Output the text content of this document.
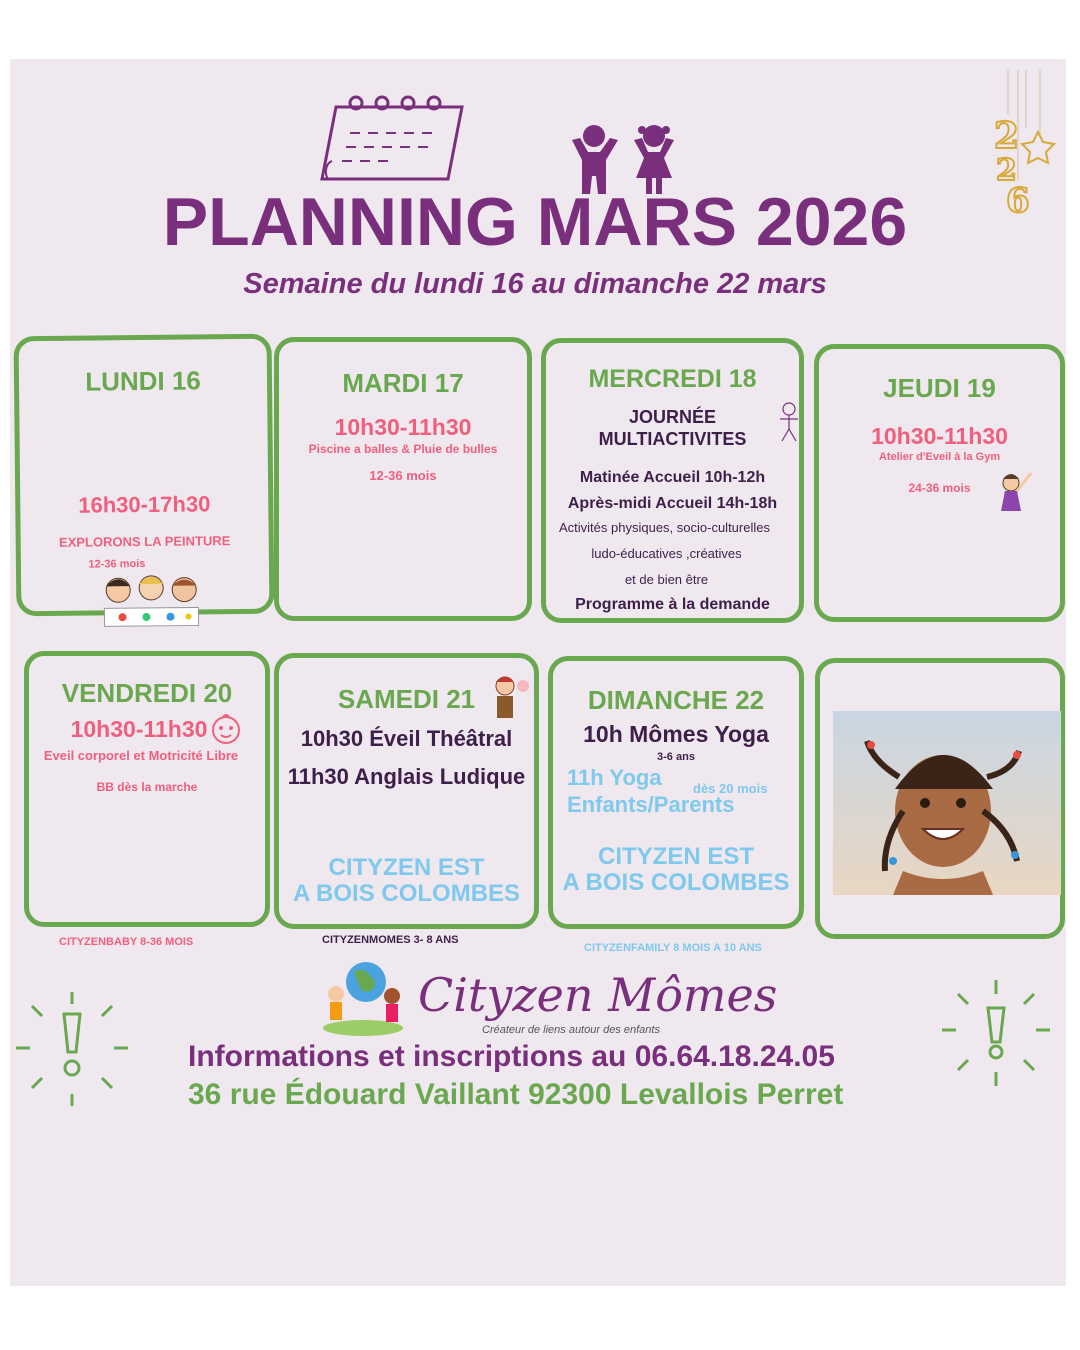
2
2
6
PLANNING MARS 2026
Semaine du lundi 16 au dimanche 22 mars
LUNDI 16
16h30-17h30
EXPLORONS LA PEINTURE
12-36 mois
MARDI 17
10h30-11h30
Piscine a balles & Pluie de bulles
12-36 mois
MERCREDI 18
JOURNÉE
MULTIACTIVITES
Matinée Accueil 10h-12h
Après-midi Accueil 14h-18h
Activités physiques, socio-culturelles
ludo-éducatives ,créatives
et de bien être
Programme à la demande
JEUDI 19
10h30-11h30
Atelier d'Eveil à la Gym
24-36 mois
VENDREDI 20
10h30-11h30
Eveil corporel et Motricité Libre
BB dès la marche
SAMEDI 21
10h30 Éveil Théâtral
11h30 Anglais Ludique
CITYZEN EST
A BOIS COLOMBES
DIMANCHE 22
10h Mômes Yoga
3-6 ans
11h Yoga
Enfants/Parents
dès 20 mois
CITYZEN EST
A BOIS COLOMBES
CITYZENBABY 8-36 MOIS	CITYZENMOMES 3- 8 ANS
CITYZENFAMILY 8 MOIS A 10 ANS
Cityzen Mômes
Créateur de liens autour des enfants
Informations et inscriptions au 06.64.18.24.05
36 rue Édouard Vaillant 92300 Levallois Perret
